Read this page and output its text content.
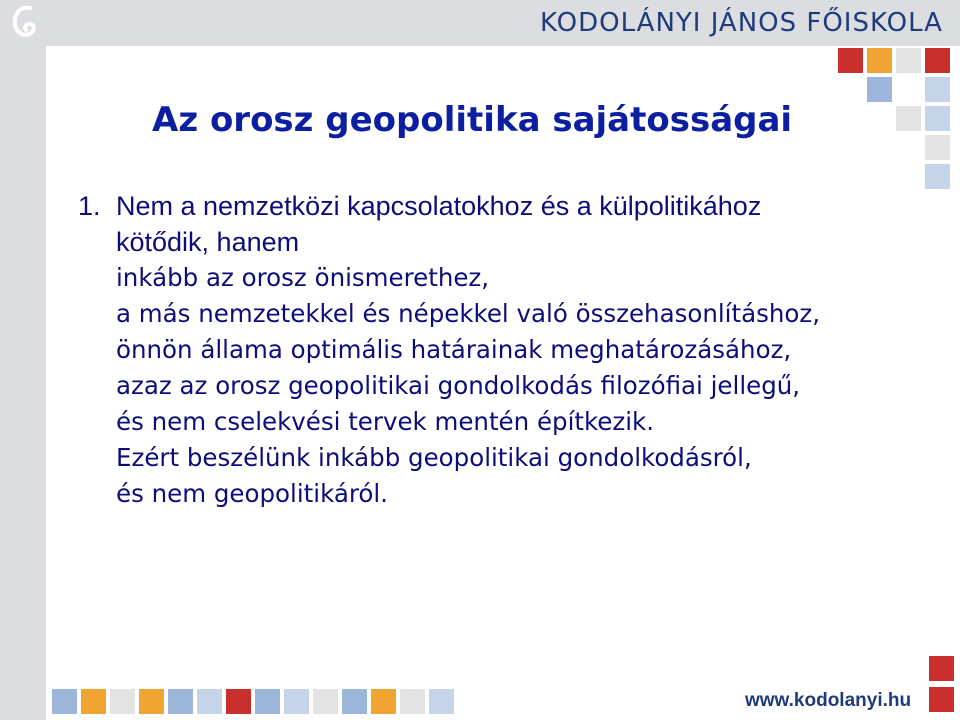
KODOLÁNYI JÁNOS FŐISKOLA
Az orosz geopolitika sajátosságai
1. Nem a nemzetközi kapcsolatokhoz és a külpolitikához
kötődik, hanem
inkább az orosz önismerethez,
a más nemzetekkel és népekkel való összehasonlításhoz,
önnön állama optimális határainak meghatározásához,
azaz az orosz geopolitikai gondolkodás filozófiai jellegű,
és nem cselekvési tervek mentén építkezik.
Ezért beszélünk inkább geopolitikai gondolkodásról,
és nem geopolitikáról.
www.kodolanyi.hu
